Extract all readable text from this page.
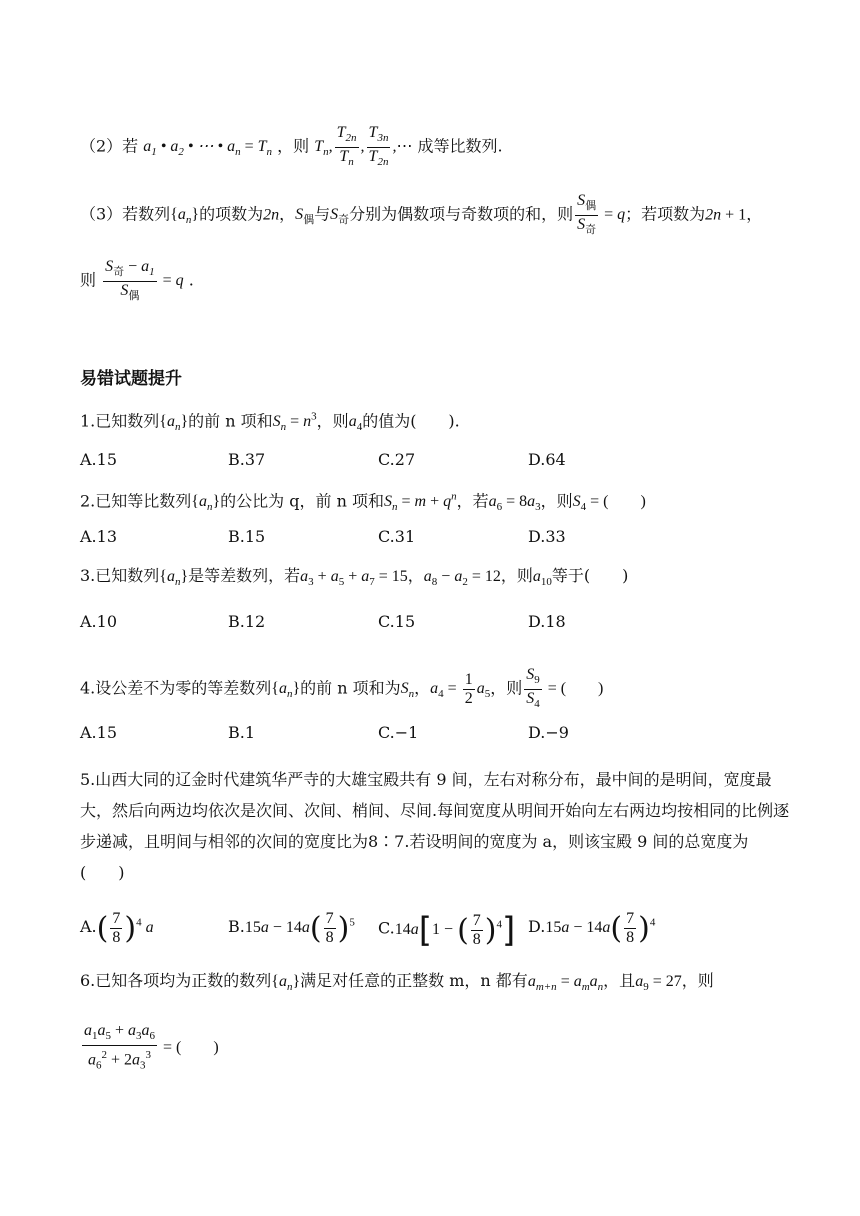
（2）若 $a_1$ • $a_2$ • ⋯ • $a_n = T_n$ ，则 $T_n$, $\frac{T_{2n}}{T_n}$ , $\frac{T_{3n}}{T_{2n}}$ ,⋯ 成等比数列.
（3）若数列$\{a_n\}$的项数为2n，$S_偶$与$S_奇$分别为偶数项与奇数项的和，则 $\frac{S_偶}{S_奇} = q$；若项数为2n + 1，
则 $\frac{S_奇 - a_1}{S_偶} = q$ .
易错试题提升
1.已知数列$\{a_n\}$的前 n 项和$S_n = n^3$，则$a_4$的值为(　　).
A.15	B.37	C.27	D.64
2.已知等比数列$\{a_n\}$的公比为 q，前 n 项和$S_n = m + q^n$，若$a_6 = 8a_3$，则$S_4$ = (　　)
A.13	B.15	C.31	D.33
3.已知数列$\{a_n\}$是等差数列，若$a_3 + a_5 + a_7 = 15$，$a_8 - a_2 = 12$，则$a_{10}$等于(　　)
A.10	B.12	C.15	D.18
4.设公差不为零的等差数列$\{a_n\}$的前 n 项和为$S_n$，$a_4 = \frac{1}{2} a_5$，则 $\frac{S_9}{S_4}$ = (　　)
A.15	B.1	C.−1	D.−9
5.山西大同的辽金时代建筑华严寺的大雄宝殿共有 9 间，左右对称分布，最中间的是明间，宽度最大，然后向两边均依次是次间、次间、梢间、尽间.每间宽度从明间开始向左右两边均按相同的比例逐步递减，且明间与相邻的次间的宽度比为8∶7.若设明间的宽度为 a，则该宝殿 9 间的总宽度为(　　)
$A.( \frac{7}{8} )^4$ a	$B.15a - 14a( \frac{7}{8} )^5$ C.14a[1 − ( $\frac{7}{8} )^4$] $D.15a - 14a( \frac{7}{8} )^4$
6.已知各项均为正数的数列$\{a_n\}$满足对任意的正整数 m，n 都有$a_{m+n} = a_ma_n$，且$a_9 = 27$，则
$\frac{a_1a_5 + a_3a_6}{a_6^2 + 2a_3^3}$ = (　　)
